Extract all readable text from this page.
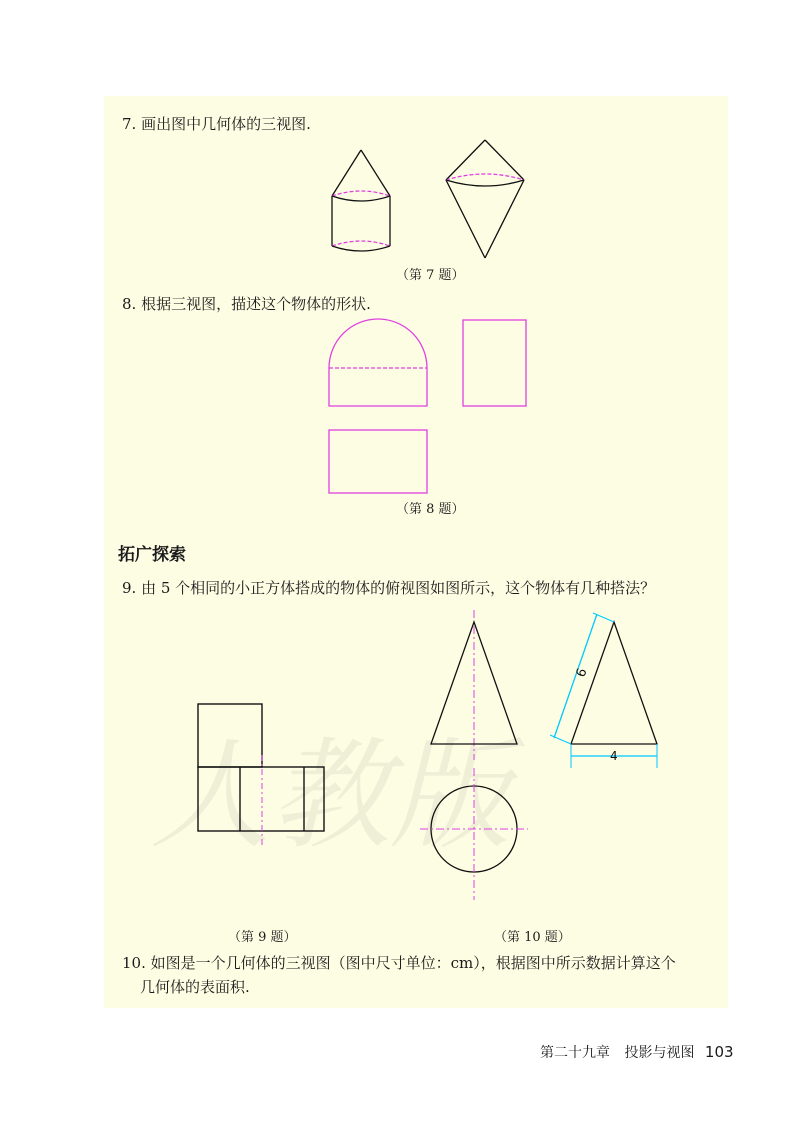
人教版
7. 画出图中几何体的三视图.
8. 根据三视图，描述这个物体的形状.
拓广探索
9. 由 5 个相同的小正方体搭成的物体的俯视图如图所示，这个物体有几种搭法？
10. 如图是一个几何体的三视图（图中尺寸单位：cm），根据图中所示数据计算这个
几何体的表面积.
（第 7 题）
（第 8 题）
（第 9 题）	（第 10 题）
6
4
第二十九章 投影与视图 103
